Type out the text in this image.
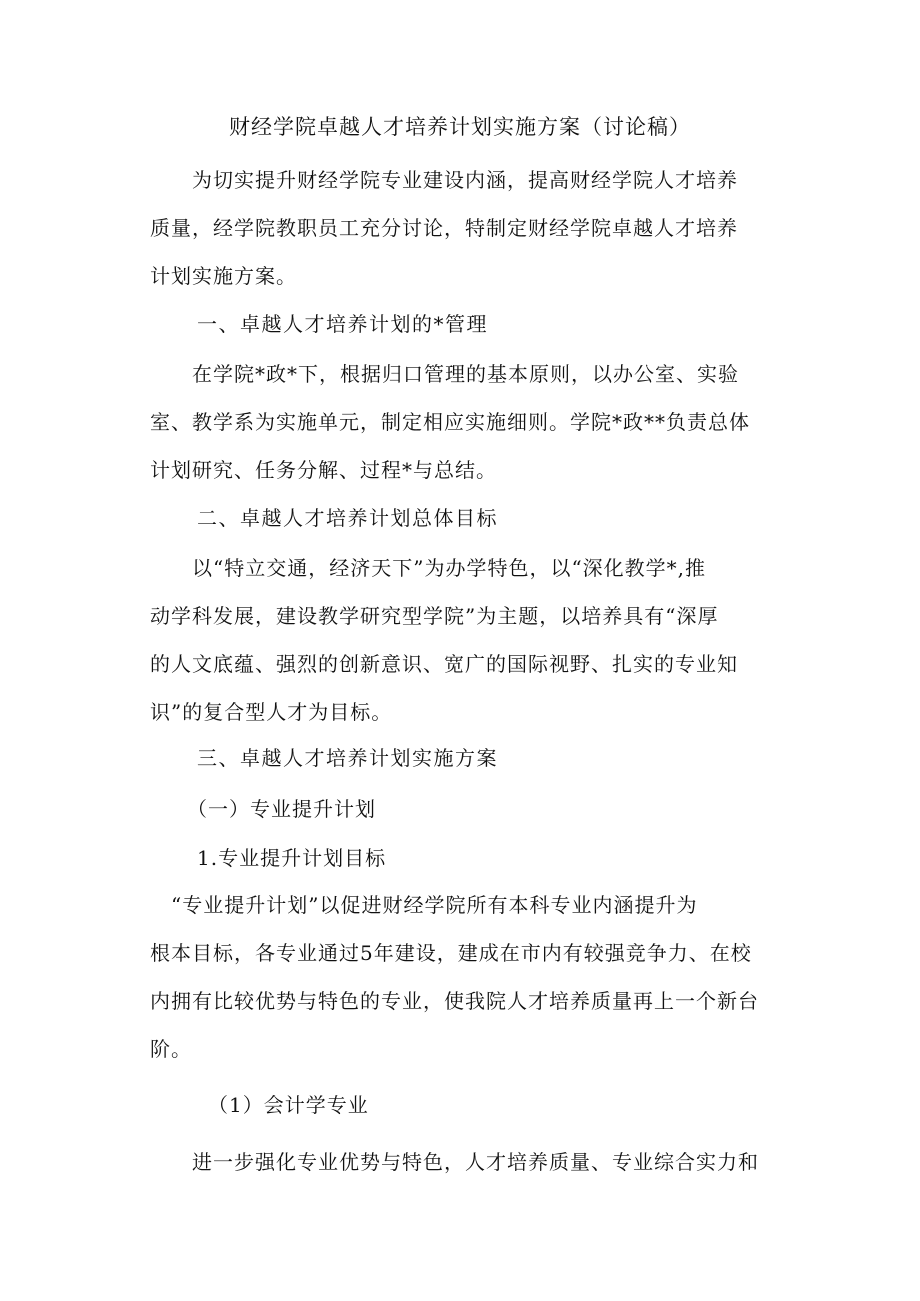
财经学院卓越人才培养计划实施方案（讨论稿）
　　为切实提升财经学院专业建设内涵，提高财经学院人才培养
质量，经学院教职员工充分讨论，特制定财经学院卓越人才培养
计划实施方案。
一、卓越人才培养计划的*管理
　　在学院*政*下，根据归口管理的基本原则，以办公室、实验
室、教学系为实施单元，制定相应实施细则。学院*政**负责总体
计划研究、任务分解、过程*与总结。
二、卓越人才培养计划总体目标
　　以“特立交通，经济天下”为办学特色，以“深化教学*,推
动学科发展，建设教学研究型学院”为主题，以培养具有“深厚
的人文底蕴、强烈的创新意识、宽广的国际视野、扎实的专业知
识”的复合型人才为目标。
三、卓越人才培养计划实施方案
（一）专业提升计划
1.专业提升计划目标
　“专业提升计划”以促进财经学院所有本科专业内涵提升为
根本目标，各专业通过5年建设，建成在市内有较强竞争力、在校
内拥有比较优势与特色的专业，使我院人才培养质量再上一个新台
阶。
（1）会计学专业
　　进一步强化专业优势与特色，人才培养质量、专业综合实力和
